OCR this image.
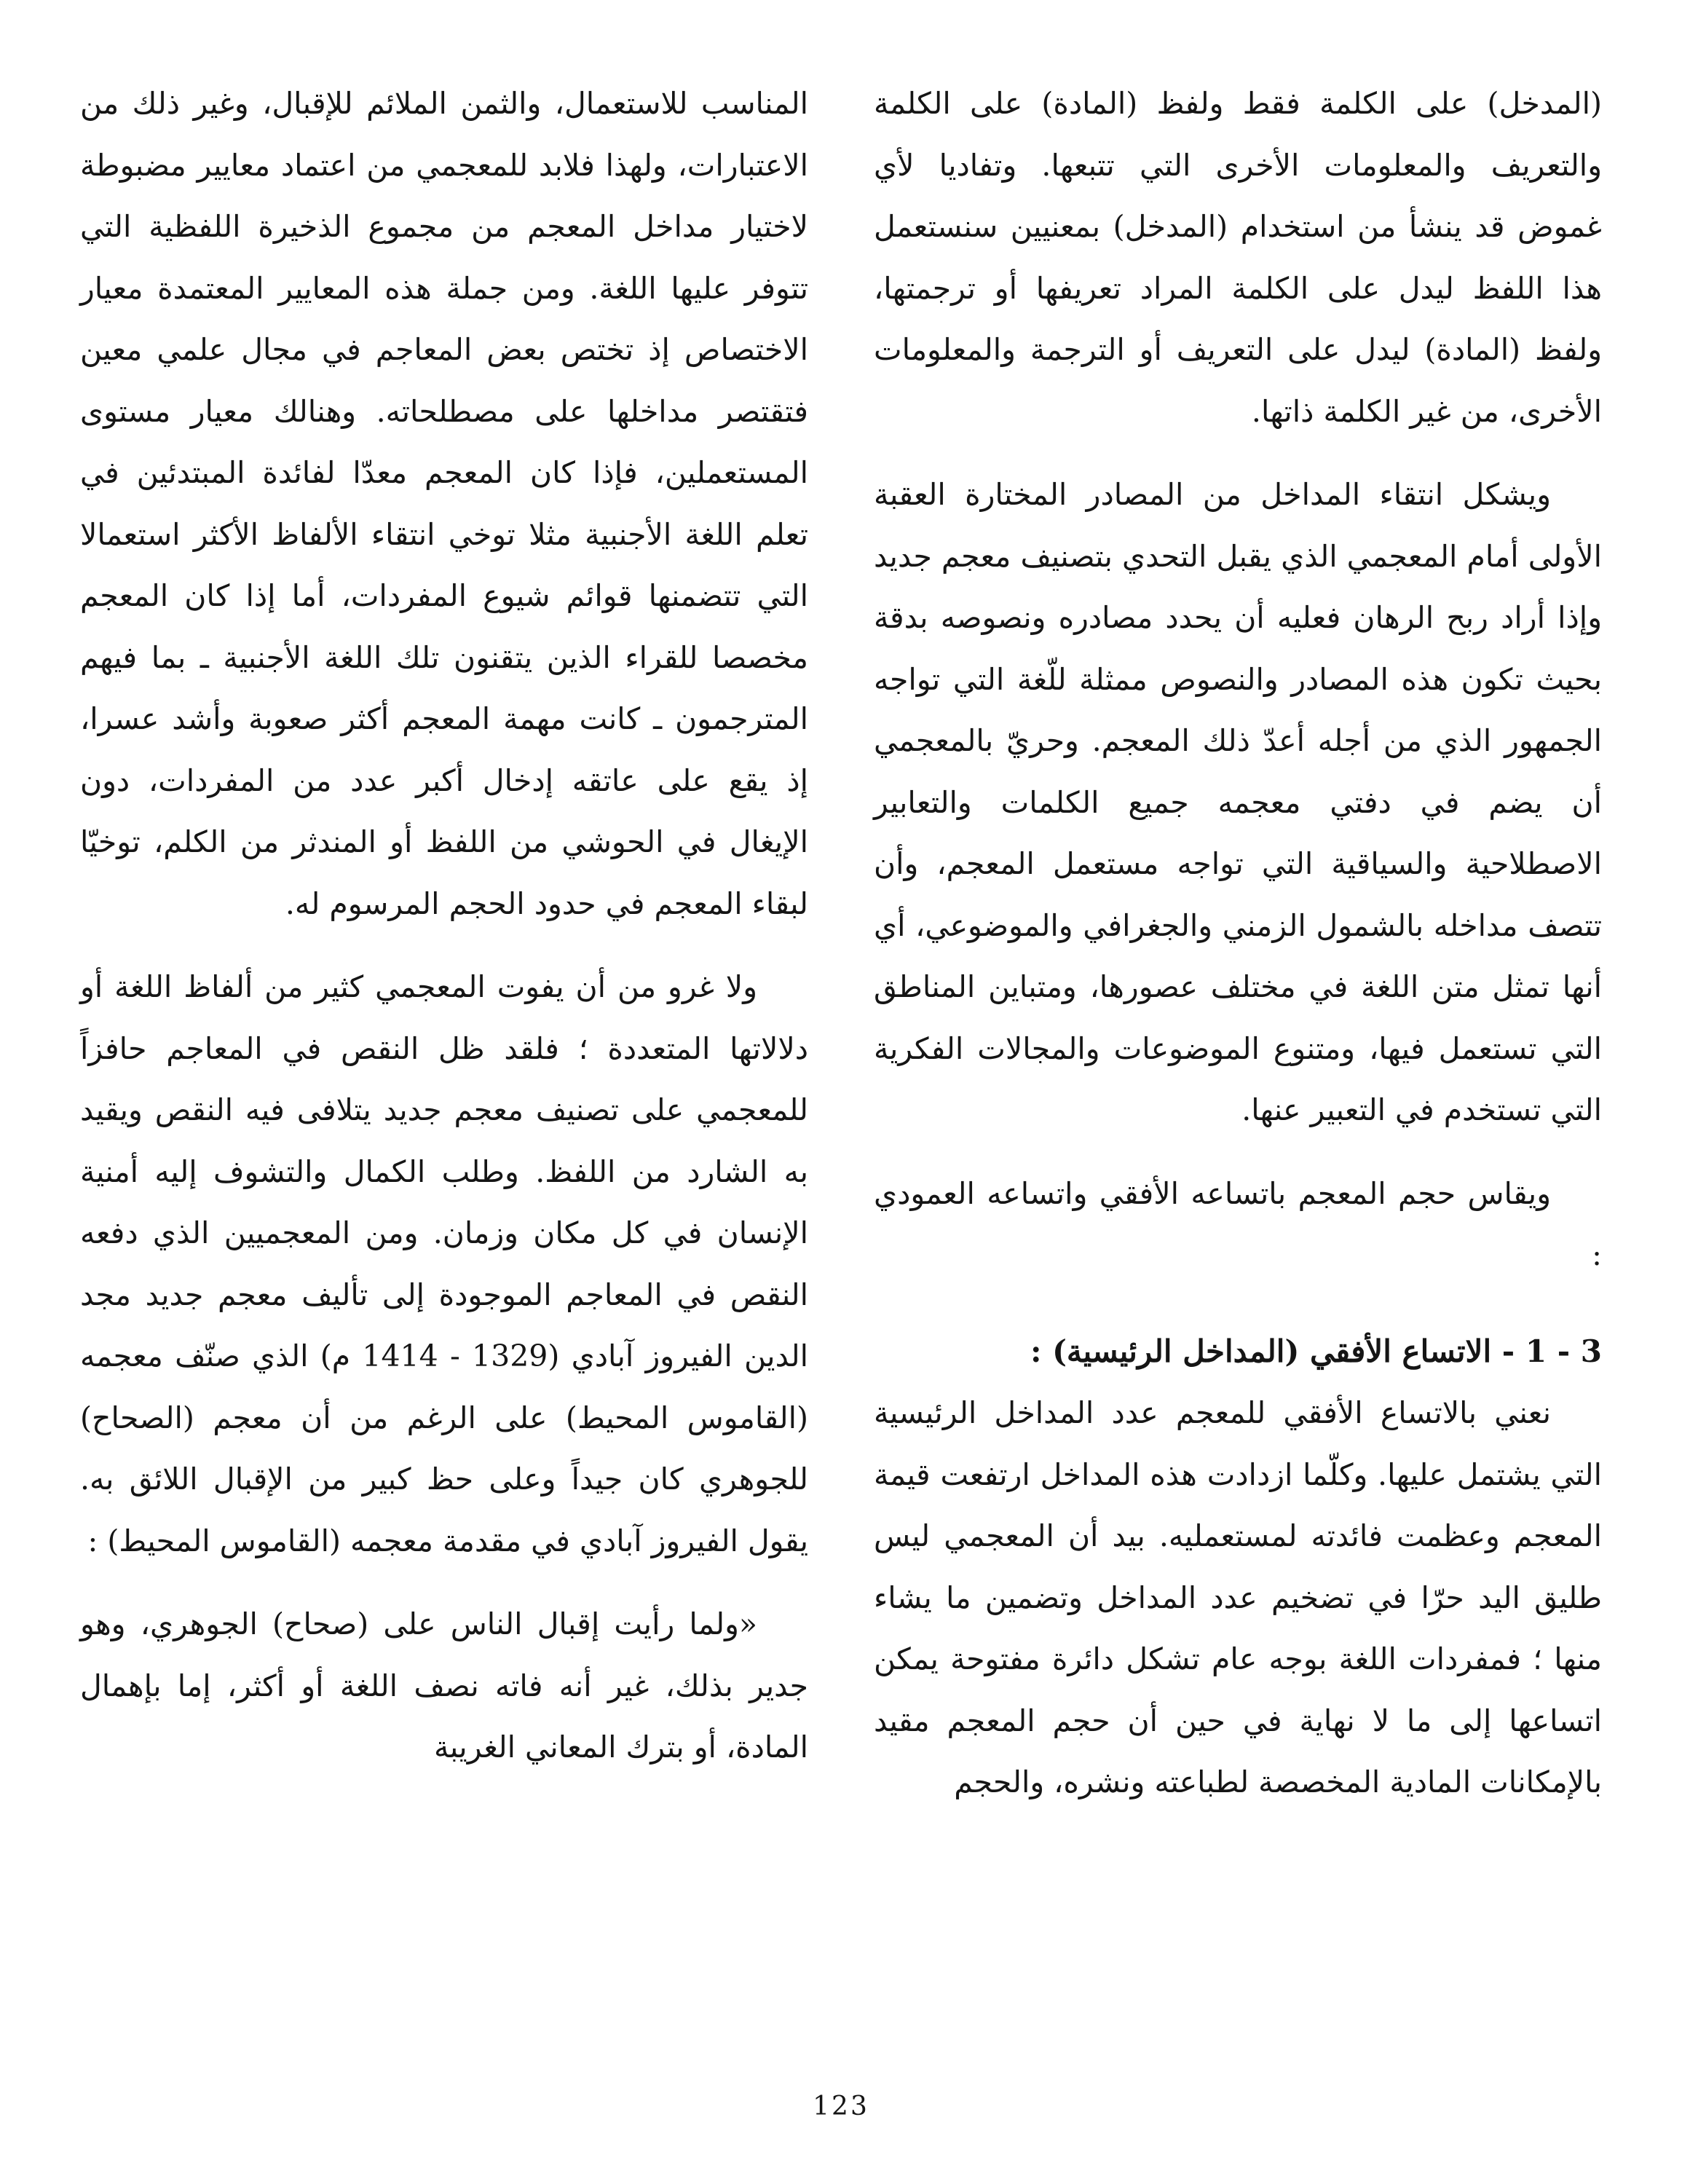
(المدخل) على الكلمة فقط ولفظ (المادة) على الكلمة والتعريف والمعلومات الأخرى التي تتبعها. وتفاديا لأي غموض قد ينشأ من استخدام (المدخل) بمعنيين سنستعمل هذا اللفظ ليدل على الكلمة المراد تعريفها أو ترجمتها، ولفظ (المادة) ليدل على التعريف أو الترجمة والمعلومات الأخرى، من غير الكلمة ذاتها.

ويشكل انتقاء المداخل من المصادر المختارة العقبة الأولى أمام المعجمي الذي يقبل التحدي بتصنيف معجم جديد وإذا أراد ربح الرهان فعليه أن يحدد مصادره ونصوصه بدقة بحيث تكون هذه المصادر والنصوص ممثلة للّغة التي تواجه الجمهور الذي من أجله أعدّ ذلك المعجم. وحريّ بالمعجمي أن يضم في دفتي معجمه جميع الكلمات والتعابير الاصطلاحية والسياقية التي تواجه مستعمل المعجم، وأن تتصف مداخله بالشمول الزمني والجغرافي والموضوعي، أي أنها تمثل متن اللغة في مختلف عصورها، ومتباين المناطق التي تستعمل فيها، ومتنوع الموضوعات والمجالات الفكرية التي تستخدم في التعبير عنها.

ويقاس حجم المعجم باتساعه الأفقي واتساعه العمودي :

3 - 1 - الاتساع الأفقي (المداخل الرئيسية) :

نعني بالاتساع الأفقي للمعجم عدد المداخل الرئيسية التي يشتمل عليها. وكلّما ازدادت هذه المداخل ارتفعت قيمة المعجم وعظمت فائدته لمستعمليه. بيد أن المعجمي ليس طليق اليد حرّا في تضخيم عدد المداخل وتضمين ما يشاء منها ؛ فمفردات اللغة بوجه عام تشكل دائرة مفتوحة يمكن اتساعها إلى ما لا نهاية في حين أن حجم المعجم مقيد بالإمكانات المادية المخصصة لطباعته ونشره، والحجم

المناسب للاستعمال، والثمن الملائم للإقبال، وغير ذلك من الاعتبارات، ولهذا فلابد للمعجمي من اعتماد معايير مضبوطة لاختيار مداخل المعجم من مجموع الذخيرة اللفظية التي تتوفر عليها اللغة. ومن جملة هذه المعايير المعتمدة معيار الاختصاص إذ تختص بعض المعاجم في مجال علمي معين فتقتصر مداخلها على مصطلحاته. وهنالك معيار مستوى المستعملين، فإذا كان المعجم معدّا لفائدة المبتدئين في تعلم اللغة الأجنبية مثلا توخي انتقاء الألفاظ الأكثر استعمالا التي تتضمنها قوائم شيوع المفردات، أما إذا كان المعجم مخصصا للقراء الذين يتقنون تلك اللغة الأجنبية ـ بما فيهم المترجمون ـ كانت مهمة المعجم أكثر صعوبة وأشد عسرا، إذ يقع على عاتقه إدخال أكبر عدد من المفردات، دون الإيغال في الحوشي من اللفظ أو المندثر من الكلم، توخيّا لبقاء المعجم في حدود الحجم المرسوم له.

ولا غرو من أن يفوت المعجمي كثير من ألفاظ اللغة أو دلالاتها المتعددة ؛ فلقد ظل النقص في المعاجم حافزاً للمعجمي على تصنيف معجم جديد يتلافى فيه النقص ويقيد به الشارد من اللفظ. وطلب الكمال والتشوف إليه أمنية الإنسان في كل مكان وزمان. ومن المعجميين الذي دفعه النقص في المعاجم الموجودة إلى تأليف معجم جديد مجد الدين الفيروز آبادي (1329 - 1414 م) الذي صنّف معجمه (القاموس المحيط) على الرغم من أن معجم (الصحاح) للجوهري كان جيداً وعلى حظ كبير من الإقبال اللائق به. يقول الفيروز آبادي في مقدمة معجمه (القاموس المحيط) :

«ولما رأيت إقبال الناس على (صحاح) الجوهري، وهو جدير بذلك، غير أنه فاته نصف اللغة أو أكثر، إما بإهمال المادة، أو بترك المعاني الغريبة

123
